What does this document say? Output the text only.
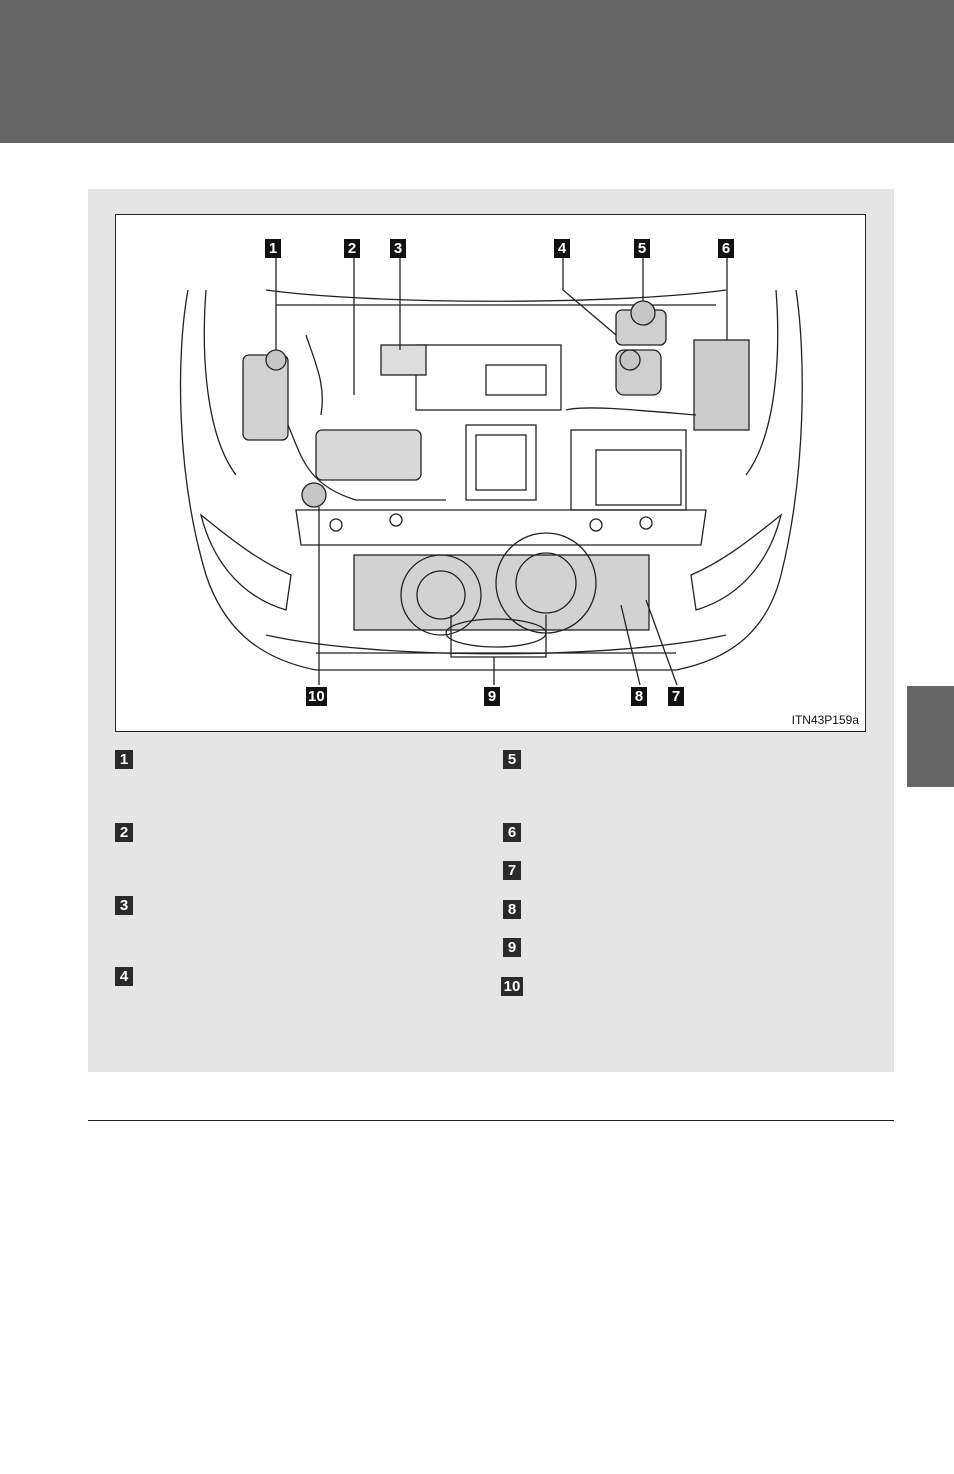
1	2	3	4	5	6
7
8
9
10
ITN43P159a
1
2
3
4
5
6
7
8
9
10
